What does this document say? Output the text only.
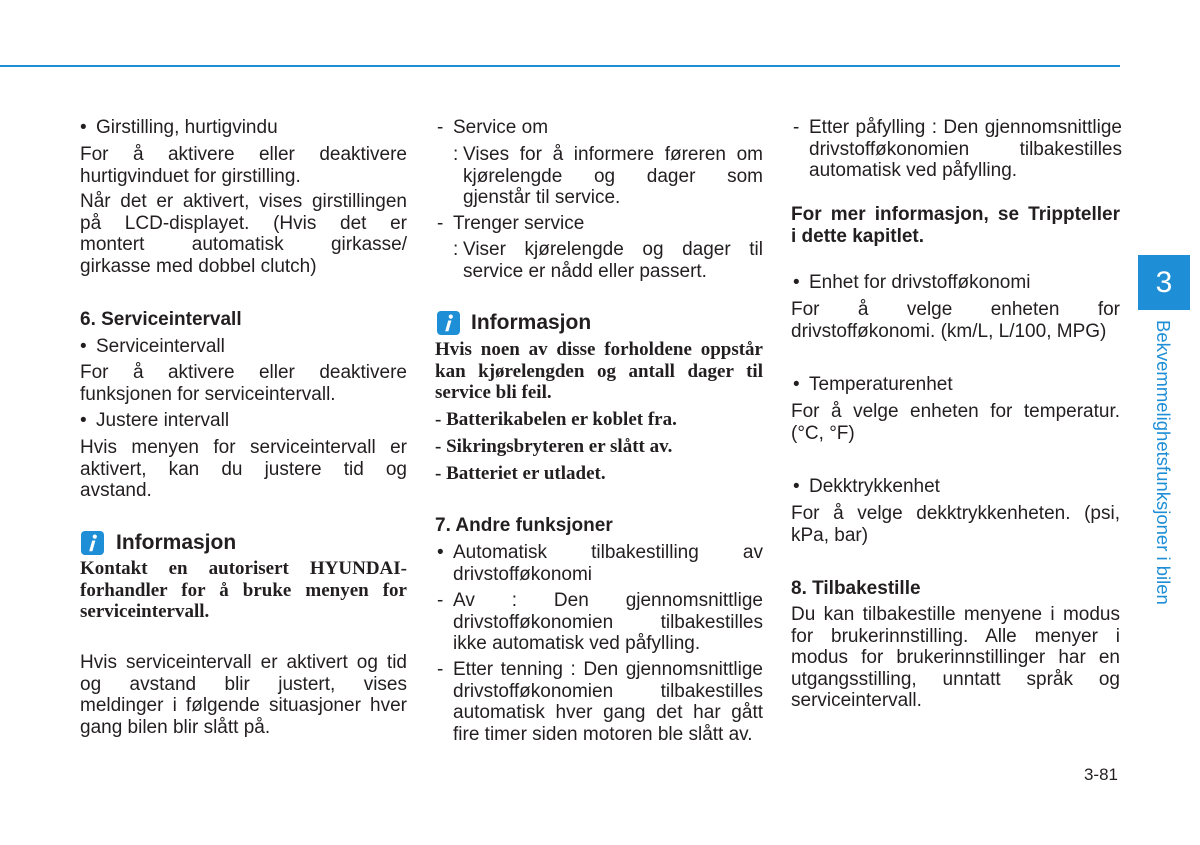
• Girstilling, hurtigvindu
For å aktivere eller deaktivere
hurtigvinduet for girstilling.
Når det er aktivert, vises girstillingen
på LCD-displayet. (Hvis det er
montert automatisk girkasse/
girkasse med dobbel clutch)
6. Serviceintervall
• Serviceintervall
For å aktivere eller deaktivere
funksjonen for serviceintervall.
• Justere intervall
Hvis menyen for serviceintervall er
aktivert, kan du justere tid og
avstand.
Informasjon
Kontakt en autorisert HYUNDAI-
forhandler for å bruke menyen for
serviceintervall.
Hvis serviceintervall er aktivert og tid
og avstand blir justert, vises
meldinger i følgende situasjoner hver
gang bilen blir slått på.
- Service om
: Vises for å informere føreren om
kjørelengde og dager som
gjenstår til service.
- Trenger service
: Viser kjørelengde og dager til
service er nådd eller passert.
Informasjon
Hvis noen av disse forholdene oppstår
kan kjørelengden og antall dager til
service bli feil.
- Batterikabelen er koblet fra.
- Sikringsbryteren er slått av.
- Batteriet er utladet.
7. Andre funksjoner
• Automatisk tilbakestilling av
drivstofføkonomi
- Av : Den gjennomsnittlige
drivstofføkonomien tilbakestilles
ikke automatisk ved påfylling.
- Etter tenning : Den gjennomsnittlige
drivstofføkonomien tilbakestilles
automatisk hver gang det har gått
fire timer siden motoren ble slått av.
- Etter påfylling : Den gjennomsnittlige
drivstofføkonomien tilbakestilles
automatisk ved påfylling.
For mer informasjon, se Trippteller
i dette kapitlet.
• Enhet for drivstofføkonomi
For å velge enheten for
drivstofføkonomi. (km/L, L/100, MPG)
• Temperaturenhet
For å velge enheten for temperatur.
(°C, °F)
• Dekktrykkenhet
For å velge dekktrykkenheten. (psi,
kPa, bar)
8. Tilbakestille
Du kan tilbakestille menyene i modus
for brukerinnstilling. Alle menyer i
modus for brukerinnstillinger har en
utgangsstilling, unntatt språk og
serviceintervall.
3
Bekvemmelighetsfunksjoner i bilen
3-81
